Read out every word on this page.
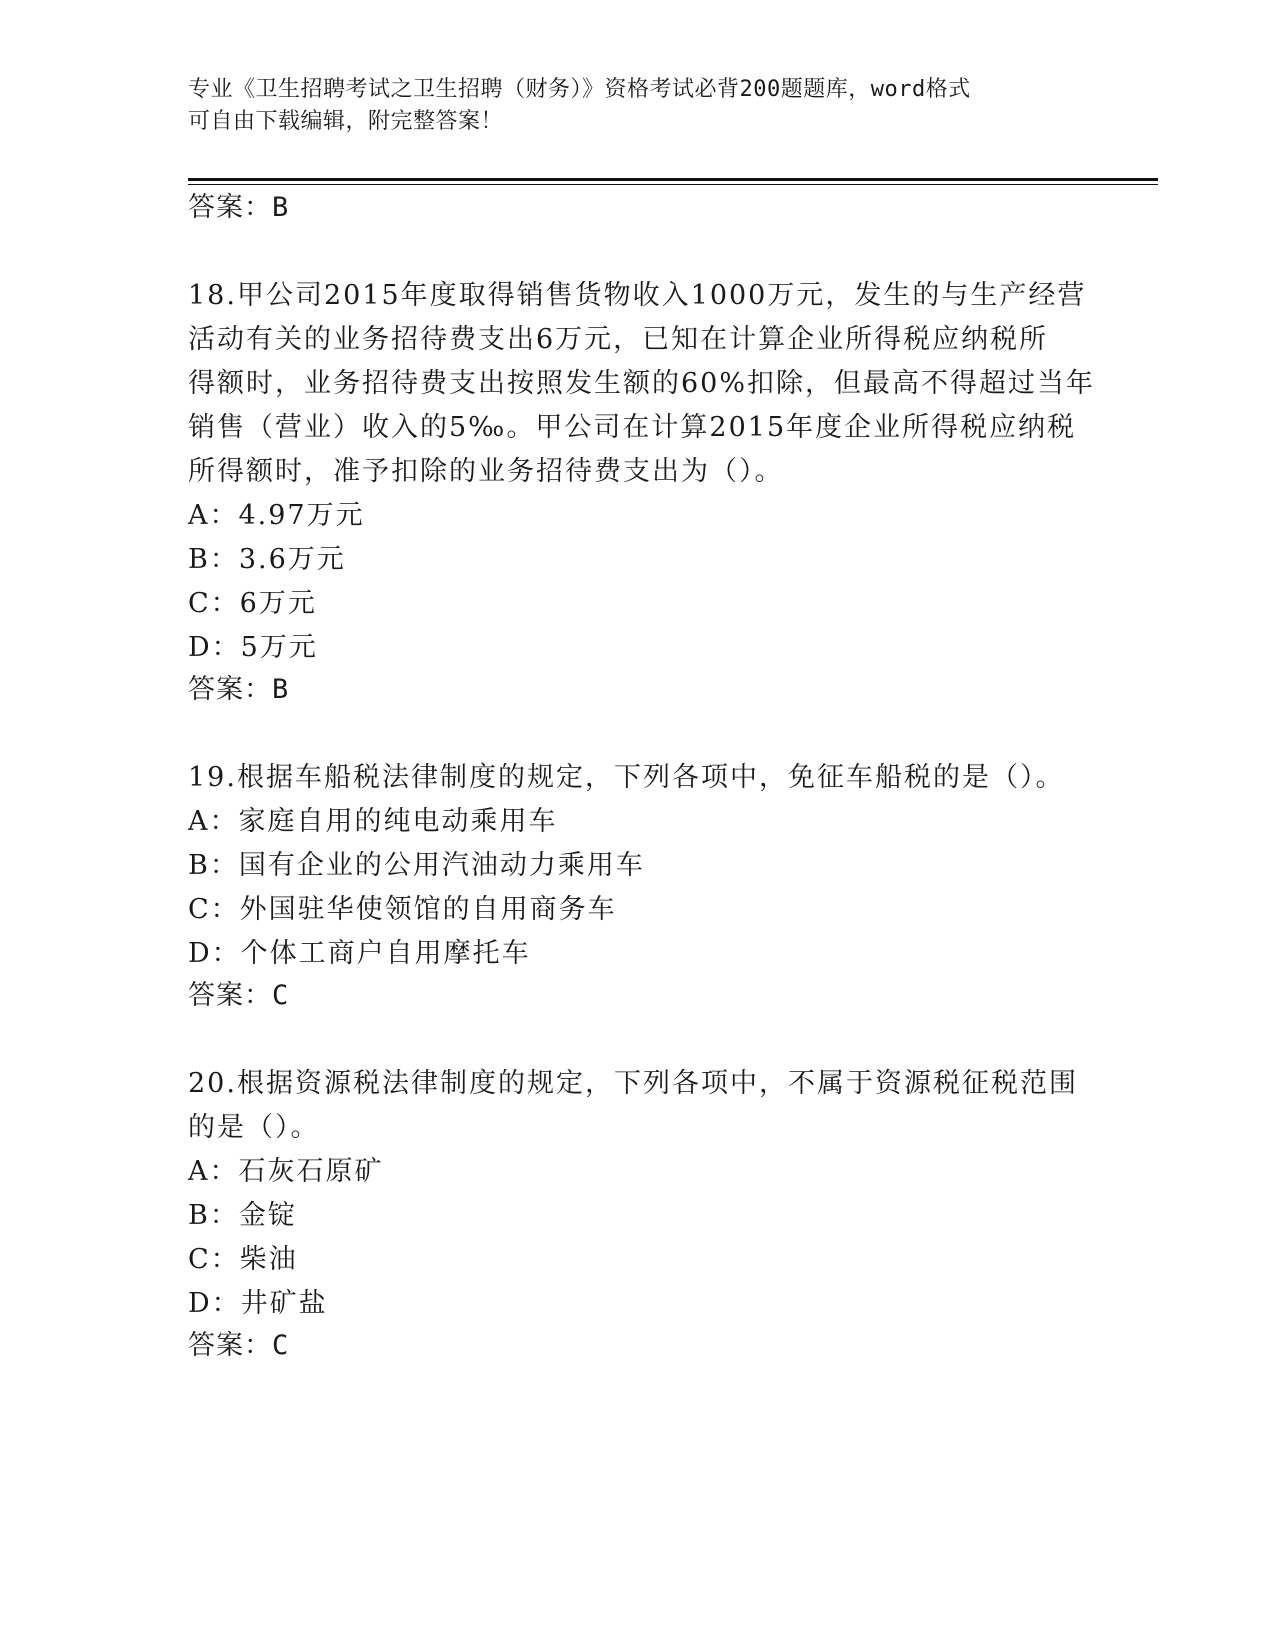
专业《卫生招聘考试之卫生招聘（财务）》资格考试必背200题题库，word格式
可自由下载编辑，附完整答案！
答案：B
18.甲公司2015年度取得销售货物收入1000万元，发生的与生产经营
活动有关的业务招待费支出6万元，已知在计算企业所得税应纳税所
得额时，业务招待费支出按照发生额的60%扣除，但最高不得超过当年
销售（营业）收入的5‰。甲公司在计算2015年度企业所得税应纳税
所得额时，准予扣除的业务招待费支出为（）。
A：4.97万元
B：3.6万元
C：6万元
D：5万元
答案：B
19.根据车船税法律制度的规定，下列各项中，免征车船税的是（）。
A：家庭自用的纯电动乘用车
B：国有企业的公用汽油动力乘用车
C：外国驻华使领馆的自用商务车
D：个体工商户自用摩托车
答案：C
20.根据资源税法律制度的规定，下列各项中，不属于资源税征税范围
的是（）。
A：石灰石原矿
B：金锭
C：柴油
D：井矿盐
答案：C
